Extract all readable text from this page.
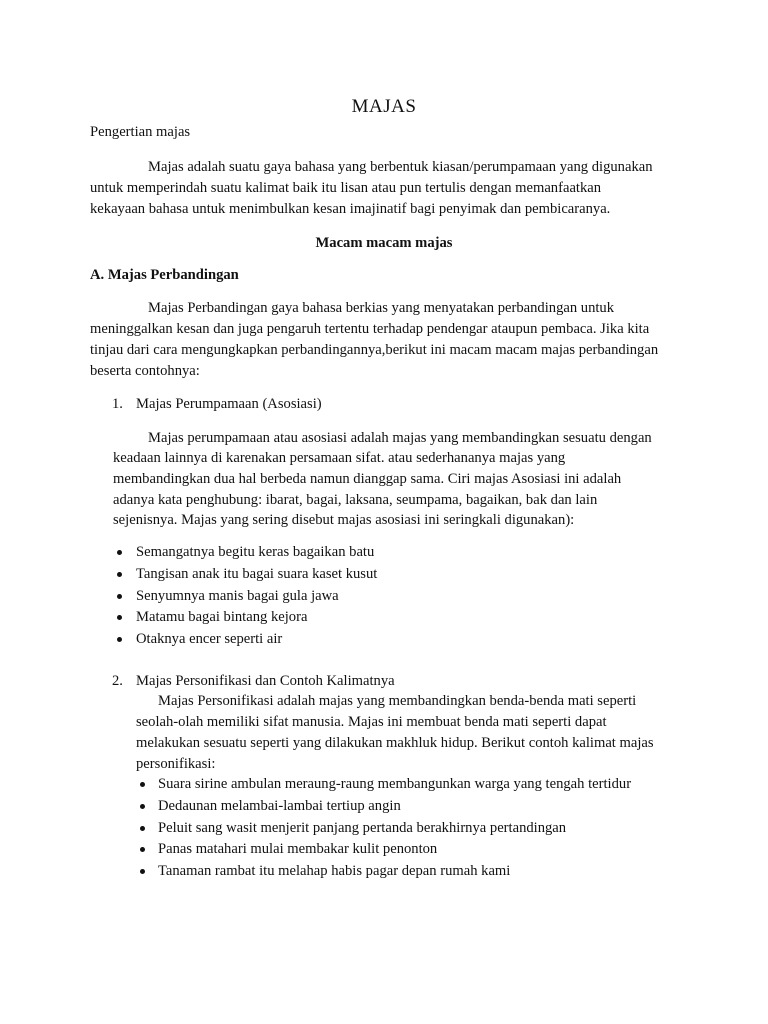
MAJAS
Pengertian majas
Majas adalah suatu gaya bahasa yang berbentuk kiasan/perumpamaan yang digunakan
untuk memperindah suatu kalimat baik itu lisan atau pun tertulis dengan memanfaatkan
kekayaan bahasa untuk menimbulkan kesan imajinatif bagi penyimak dan pembicaranya.
Macam macam majas
A. Majas Perbandingan
Majas Perbandingan gaya bahasa berkias yang menyatakan perbandingan untuk
meninggalkan kesan dan juga pengaruh tertentu terhadap pendengar ataupun pembaca. Jika kita
tinjau dari cara mengungkapkan perbandingannya,berikut ini macam macam majas perbandingan
beserta contohnya:
1. Majas Perumpamaan (Asosiasi)
Majas perumpamaan atau asosiasi adalah majas yang membandingkan sesuatu dengan
keadaan lainnya di karenakan persamaan sifat. atau sederhananya majas yang
membandingkan dua hal berbeda namun dianggap sama. Ciri majas Asosiasi ini adalah
adanya kata penghubung: ibarat, bagai, laksana, seumpama, bagaikan, bak dan lain
sejenisnya. Majas yang sering disebut majas asosiasi ini seringkali digunakan):
Semangatnya begitu keras bagaikan batu
Tangisan anak itu bagai suara kaset kusut
Senyumnya manis bagai gula jawa
Matamu bagai bintang kejora
Otaknya encer seperti air
2. Majas Personifikasi dan Contoh Kalimatnya
Majas Personifikasi adalah majas yang membandingkan benda-benda mati seperti
seolah-olah memiliki sifat manusia. Majas ini membuat benda mati seperti dapat
melakukan sesuatu seperti yang dilakukan makhluk hidup. Berikut contoh kalimat majas
personifikasi:
Suara sirine ambulan meraung-raung membangunkan warga yang tengah tertidur
Dedaunan melambai-lambai tertiup angin
Peluit sang wasit menjerit panjang pertanda berakhirnya pertandingan
Panas matahari mulai membakar kulit penonton
Tanaman rambat itu melahap habis pagar depan rumah kami
